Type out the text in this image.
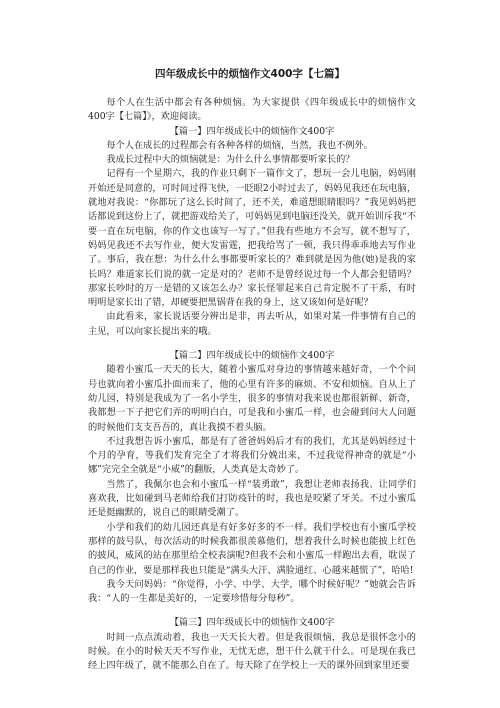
四年级成长中的烦恼作文400字【七篇】

每个人在生活中都会有各种烦恼。为大家提供《四年级成长中的烦恼作文400字【七篇】》，欢迎阅读。

【篇一】四年级成长中的烦恼作文400字

每个人在成长的过程都会有各种各样的烦恼，当然，我也不例外。

我成长过程中大的烦恼就是：为什么什么事情都要听家长的？

记得有一个星期六，我的作业只剩下一篇作文了，想玩一会儿电脑，妈妈刚开始还是同意的，可时间过得飞快，一眨眼2小时过去了，妈妈见我还在玩电脑，就地对我说：“你都玩了这么长时间了，还不关，难道想眼睛眼吗？”我见妈妈把话都说到这份上了，就把游戏给关了，可妈妈见到电脑还没关，就开始训斥我“不要一直在玩电脑，你的作文也该写一写了。”但我有些地方不会写，就不想写了，妈妈见我还不去写作业，便大发雷霆，把我给骂了一顿，我只得乖乖地去写作业了。事后，我在想：为什么什么事都要听家长的？难到就是因为他(她)是我的家长吗？难道家长们说的就一定是对的？老师不是曾经说过每一个人都会犯错吗？那家长吵时的万一是错的又该怎么办？家长怪罪起来自己肯定脱不了干系，有时明明是家长出了错，却硬要把黑锅背在我的身上，这又该如何是好呢？

由此看来，家长说话要分辨出是非，再去听从，如果对某一件事情有自己的主见，可以向家长提出来的哦。

【篇二】四年级成长中的烦恼作文400字

随着小蜜瓜一天天的长大，随着小蜜瓜对身边的事情越来越好奇，一个个问号也就向着小蜜瓜扑面而来了，他的心里有许多的麻烦、不安和烦恼。自从上了幼儿园，特别是我成为了一名小学生，很多的事情对我来说也都很新鲜、新奇，我都想一下子把它们弄的明明白白，可是我和小蜜瓜一样，也会碰到问大人问题的时候他们支支吾吾的，真让我摸不着头脑。

不过我想告诉小蜜瓜，都是有了爸爸妈妈后才有的我们，尤其是妈妈经过十个月的孕育，等我们发育完全了才将我们分娩出来，不过我觉得神奇的就是“小娜”完完全全就是“小威”的翻版，人类真是太奇妙了。

当然了，我佩尔也会和小蜜瓜一样“装勇敢”，我想让老师表扬我、让同学们喜欢我，比如碰到马老师给我们打防疫针的时，我也是咬紧了牙关。不过小蜜瓜还是挺幽默的，说自己的眼睛受潮了。

小学和我们的幼儿园还真是有好多好多的不一样。我们学校也有小蜜瓜学校那样的鼓号队，每次活动的时候我都很羡慕他们，想着我什么时候也能披上红色的披风，威风的站在那里给全校表演呢?但我不会和小蜜瓜一样跑出去看，耽误了自己的作业，要是那样我也只能是“满头大汗、满脸通红、心越来越慌了”，哈哈!

我今天问妈妈：“你觉得，小学、中学、大学，哪个时候好呢？”她就会告诉我：“人的一生都是美好的，一定要珍惜每分每秒”。

【篇三】四年级成长中的烦恼作文400字

时间一点点流动着，我也一天天长大着。但是我很烦恼，我总是很怀念小的时候。在小的时候天天不写作业，无忧无虑，想干什么就干什么。可是现在我已经上四年级了，就不能那么自在了。每天除了在学校上一天的课外回到家里还要
